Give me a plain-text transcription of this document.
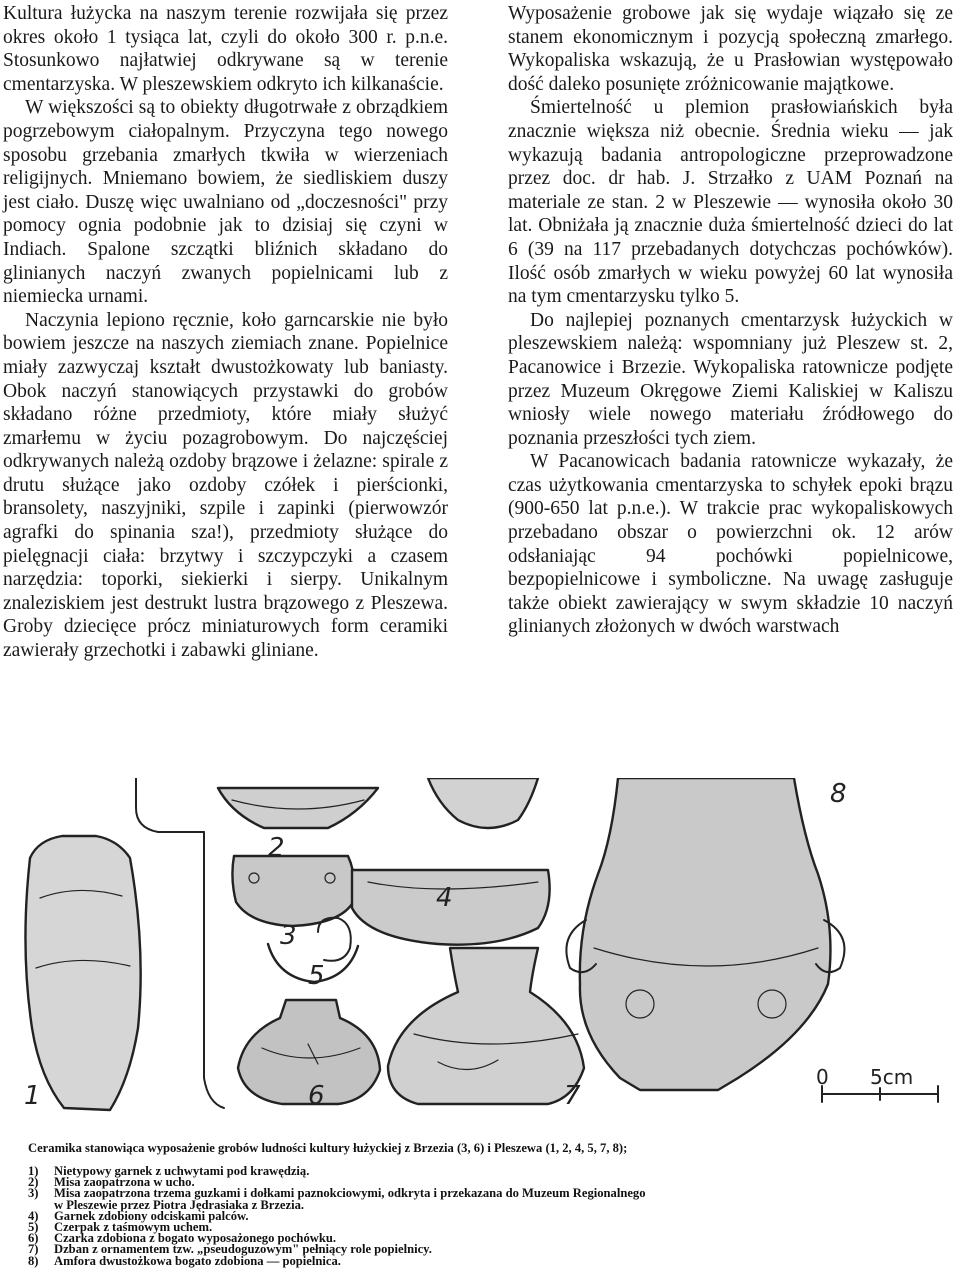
Kultura łużycka na naszym terenie rozwijała się przez okres około 1 tysiąca lat, czyli do około 300 r. p.n.e. Stosunkowo najłatwiej odkrywane są w terenie cmentarzyska. W pleszewskiem odkryto ich kilkanaście.

W większości są to obiekty długotrwałe z obrządkiem pogrzebowym ciałopalnym. Przyczyna tego nowego sposobu grzebania zmarłych tkwiła w wierzeniach religijnych. Mniemano bowiem, że siedliskiem duszy jest ciało. Duszę więc uwalniano od „doczesności" przy pomocy ognia podobnie jak to dzisiaj się czyni w Indiach. Spalone szczątki bliźnich składano do glinianych naczyń zwanych popielnicami lub z niemiecka urnami.

Naczynia lepiono ręcznie, koło garncarskie nie było bowiem jeszcze na naszych ziemiach znane. Popielnice miały zazwyczaj kształt dwustożkowaty lub baniasty. Obok naczyń stanowiących przystawki do grobów składano różne przedmioty, które miały służyć zmarłemu w życiu pozagrobowym. Do najczęściej odkrywanych należą ozdoby brązowe i żelazne: spirale z drutu służące jako ozdoby czółek i pierścionki, bransolety, naszyjniki, szpile i zapinki (pierwowzór agrafki do spinania sza!), przedmioty służące do pielęgnacji ciała: brzytwy i szczypczyki a czasem narzędzia: toporki, siekierki i sierpy. Unikalnym znaleziskiem jest destrukt lustra brązowego z Pleszewa. Groby dziecięce prócz miniaturowych form ceramiki zawierały grzechotki i zabawki gliniane.

Wyposażenie grobowe jak się wydaje wiązało się ze stanem ekonomicznym i pozycją społeczną zmarłego. Wykopaliska wskazują, że u Prasłowian występowało dość daleko posunięte zróżnicowanie majątkowe.

Śmiertelność u plemion prasłowiańskich była znacznie większa niż obecnie. Średnia wieku — jak wykazują badania antropologiczne przeprowadzone przez doc. dr hab. J. Strzałko z UAM Poznań na materiale ze stan. 2 w Pleszewie — wynosiła około 30 lat. Obniżała ją znacznie duża śmiertelność dzieci do lat 6 (39 na 117 przebadanych dotychczas pochówków). Ilość osób zmarłych w wieku powyżej 60 lat wynosiła na tym cmentarzysku tylko 5.

Do najlepiej poznanych cmentarzysk łużyckich w pleszewskiem należą: wspomniany już Pleszew st. 2, Pacanowice i Brzezie. Wykopaliska ratownicze podjęte przez Muzeum Okręgowe Ziemi Kaliskiej w Kaliszu wniosły wiele nowego materiału źródłowego do poznania przeszłości tych ziem.

W Pacanowicach badania ratownicze wykazały, że czas użytkowania cmentarzyska to schyłek epoki brązu (900-650 lat p.n.e.). W trakcie prac wykopaliskowych przebadano obszar o powierzchni ok. 12 arów odsłaniając 94 pochówki popielnicowe, bezpopielnicowe i symboliczne. Na uwagę zasługuje także obiekt zawierający w swym składzie 10 naczyń glinianych złożonych w dwóch warstwach

1
2
3
4
5
6	7
8
0 5cm
Ceramika stanowiąca wyposażenie grobów ludności kultury łużyckiej z Brzezia (3, 6) i Pleszewa (1, 2, 4, 5, 7, 8);
1)	Nietypowy garnek z uchwytami pod krawędzią.
2)	Misa zaopatrzona w ucho.
3)	Misa zaopatrzona trzema guzkami i dołkami paznokciowymi, odkryta i przekazana do Muzeum Regionalnego
w Pleszewie przez Piotra Jędrasiaka z Brzezia.
4)	Garnek zdobiony odciskami palców.
5)	Czerpak z taśmowym uchem.
6)	Czarka zdobiona z bogato wyposażonego pochówku.
7)	Dzban z ornamentem tzw. „pseudoguzowym" pełniący role popielnicy.
8)	Amfora dwustożkowa bogato zdobiona — popielnica.
